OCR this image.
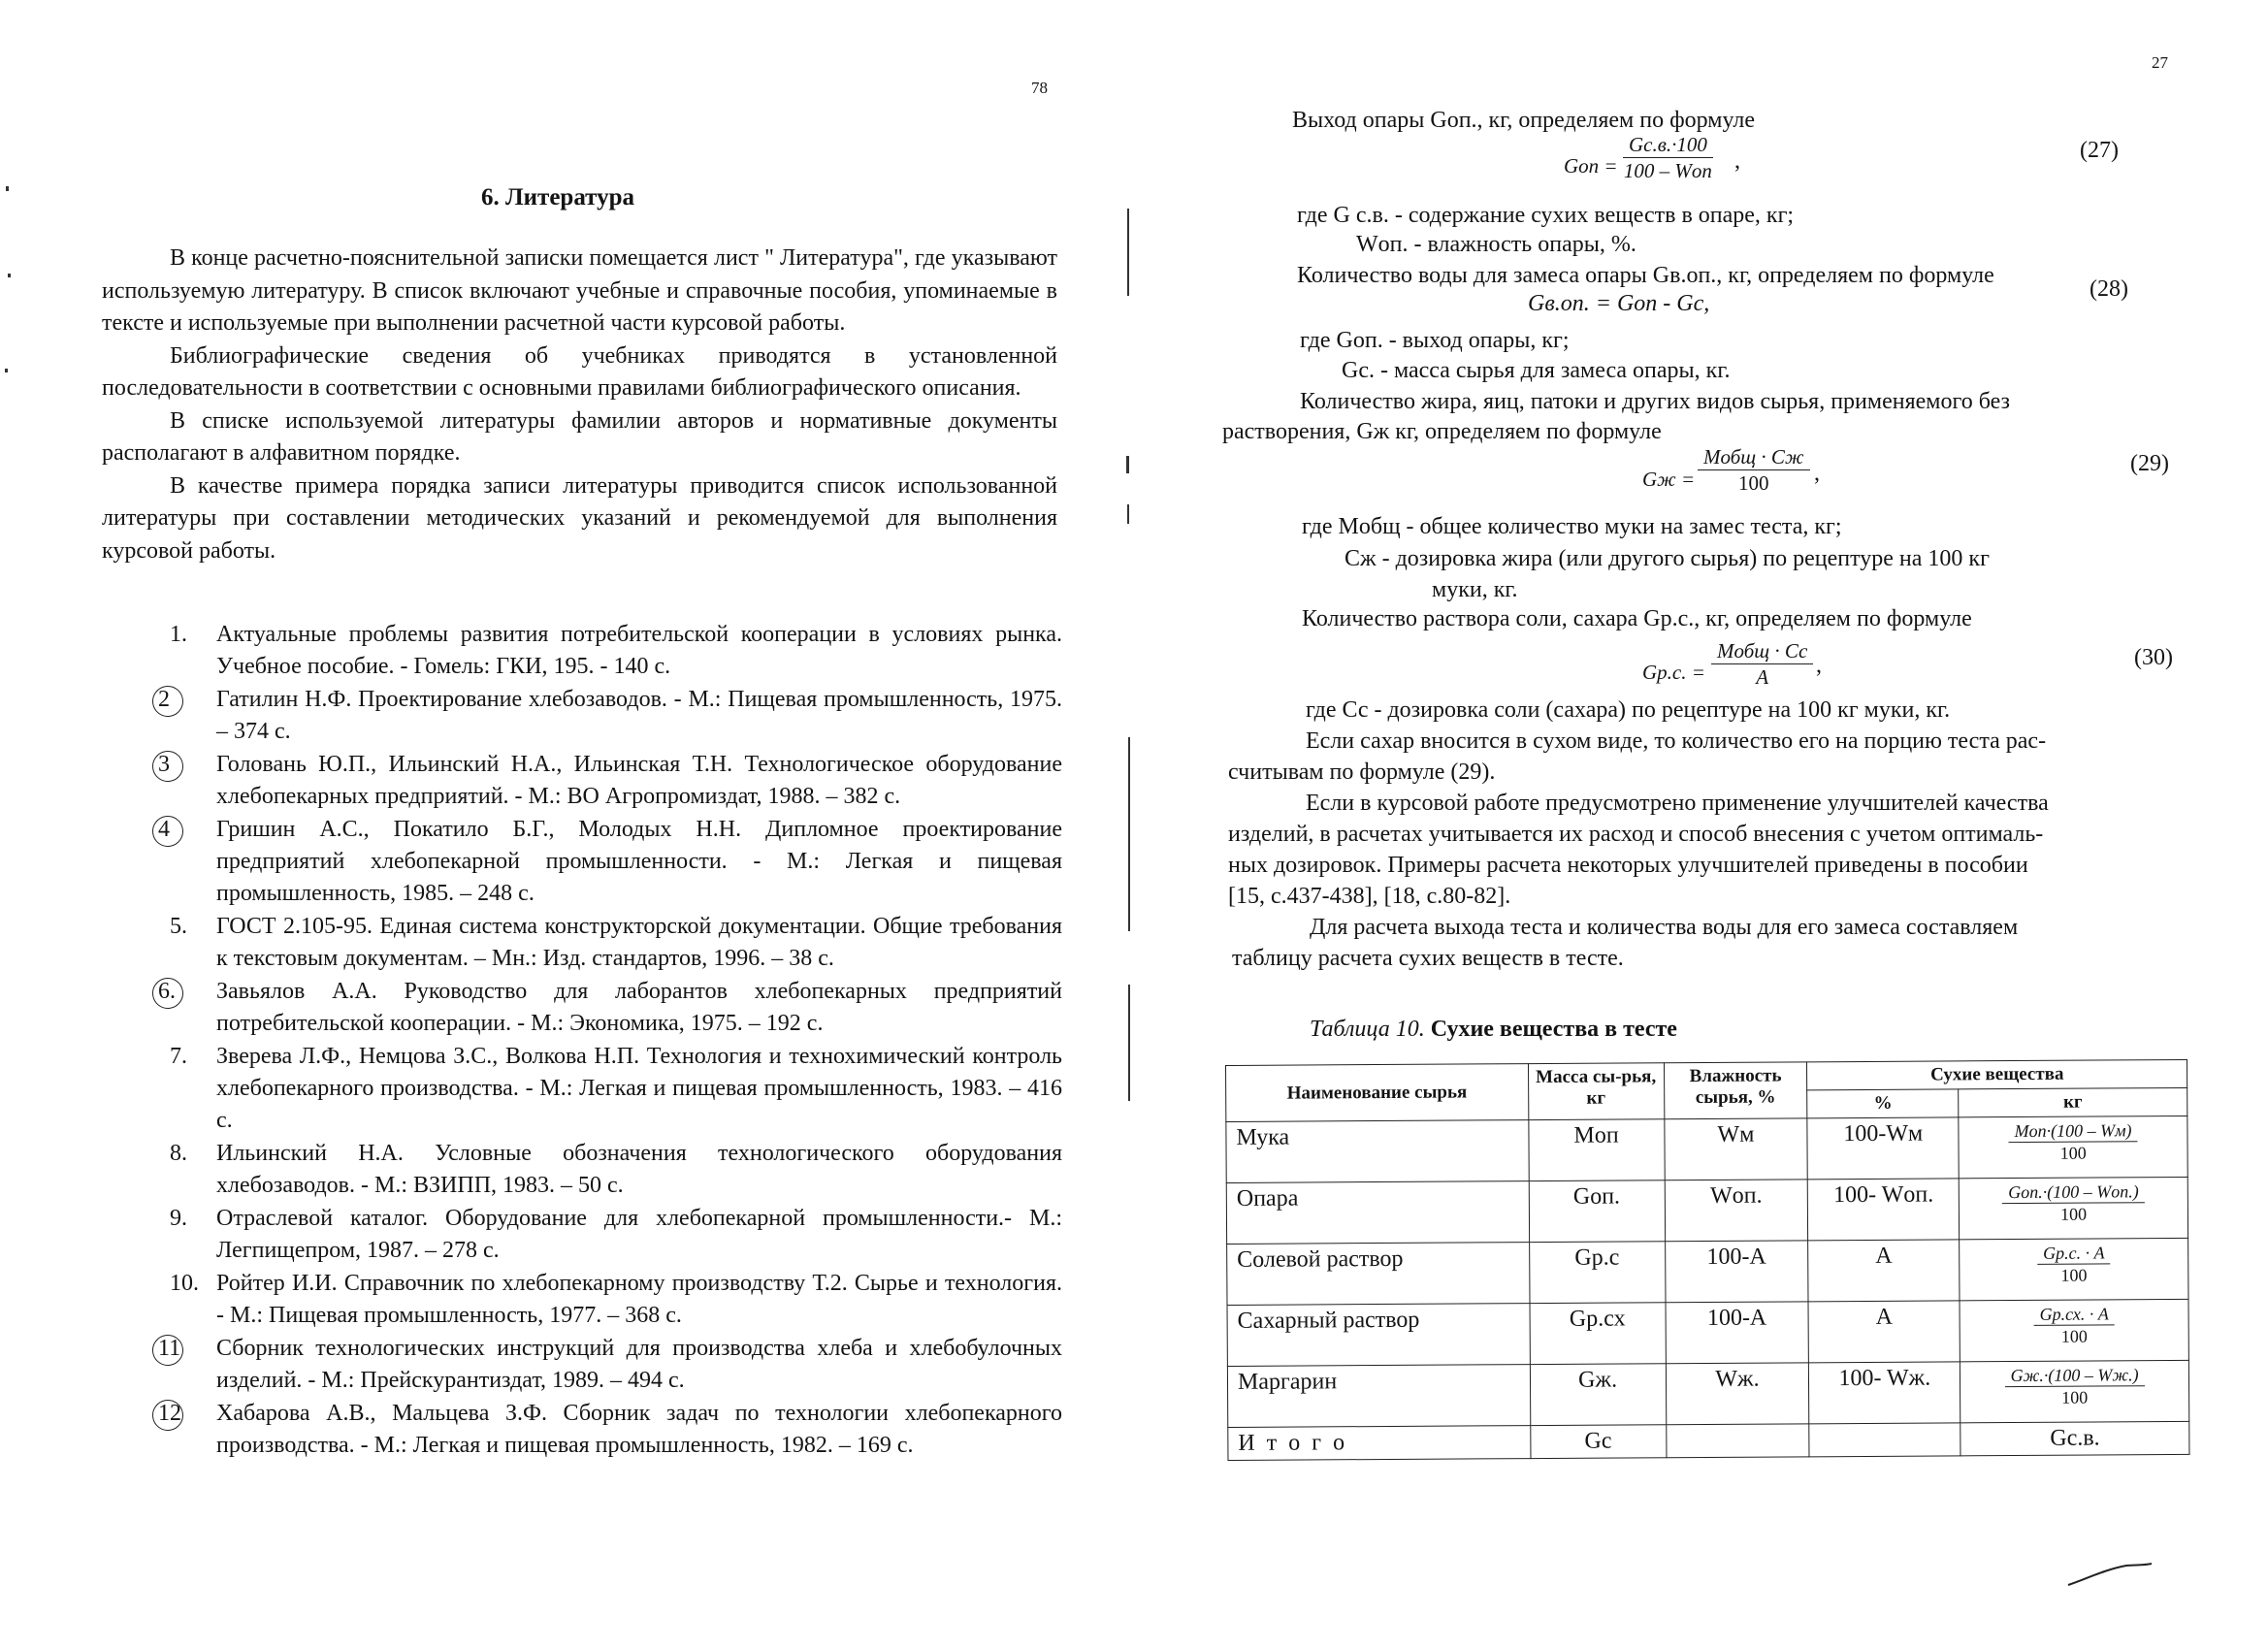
78
6. Литература

В конце расчетно-пояснительной записки помещается лист " Литература", где указывают используемую литературу. В список включают учебные и справочные пособия, упоминаемые в тексте и используемые при выполнении расчетной части курсовой работы.

Библиографические сведения об учебниках приводятся в установленной последовательности в соответствии с основными правилами библиографического описания.

В списке используемой литературы фамилии авторов и нормативные документы располагают в алфавитном порядке.

В качестве примера порядка записи литературы приводится список использованной литературы при составлении методических указаний и рекомендуемой для выполнения курсовой работы.

1.	Актуальные проблемы развития потребительской кооперации в условиях рынка. Учебное пособие. - Гомель: ГКИ, 195. - 140 с.
2	Гатилин Н.Ф. Проектирование хлебозаводов. - М.: Пищевая промышленность, 1975. – 374 с.
3	Головань Ю.П., Ильинский Н.А., Ильинская Т.Н. Технологическое оборудование хлебопекарных предприятий. - М.: ВО Агропромиздат, 1988. – 382 с.
4	Гришин А.С., Покатило Б.Г., Молодых Н.Н. Дипломное проектирование предприятий хлебопекарной промышленности. - М.: Легкая и пищевая промышленность, 1985. – 248 с.
5.	ГОСТ 2.105-95. Единая система конструкторской документации. Общие требования к текстовым документам. – Мн.: Изд. стандартов, 1996. – 38 с.
6.	Завьялов А.А. Руководство для лаборантов хлебопекарных предприятий потребительской кооперации. - М.: Экономика, 1975. – 192 с.
7.	Зверева Л.Ф., Немцова З.С., Волкова Н.П. Технология и технохимический контроль хлебопекарного производства. - М.: Легкая и пищевая промышленность, 1983. – 416 с.
8.	Ильинский Н.А. Условные обозначения технологического оборудования хлебозаводов. - М.: ВЗИПП, 1983. – 50 с.
9.	Отраслевой каталог. Оборудование для хлебопекарной промышленности.- М.: Легпищепром, 1987. – 278 с.
10. Ройтер И.И. Справочник по хлебопекарному производству Т.2. Сырье и технология. - М.: Пищевая промышленность, 1977. – 368 с.
11	Сборник технологических инструкций для производства хлеба и хлебобулочных изделий. - М.: Прейскурантиздат, 1989. – 494 с.
12	Хабарова А.В., Мальцева З.Ф. Сборник задач по технологии хлебопекарного производства. - М.: Легкая и пищевая промышленность, 1982. – 169 с.
27
Выход опары Gоп., кг, определяем по формуле
Gоп =
Gс.в.·100
100 – Wоп ,	(27)
где G с.в. - содержание сухих веществ в опаре, кг;
Wоп. - влажность опары, %.
Количество воды для замеса опары Gв.оп., кг, определяем по формуле
Gв.оп. = Gоп - Gс,
(28)
где Gоп. - выход опары, кг;
Gс. - масса сырья для замеса опары, кг.
Количество жира, яиц, патоки и других видов сырья, применяемого без
растворения, Gж кг, определяем по формуле
Gж =
Mобщ · Сж
100	,	(29)
где Mобщ - общее количество муки на замес теста, кг;
Сж - дозировка жира (или другого сырья) по рецептуре на 100 кг
муки, кг.
Количество раствора соли, сахара Gр.с., кг, определяем по формуле
Gр.с. =
Mобщ · Сс
A	,	(30)
где Сс - дозировка соли (сахара) по рецептуре на 100 кг муки, кг.
Если сахар вносится в сухом виде, то количество его на порцию теста рас-
считывам по формуле (29).
Если в курсовой работе предусмотрено применение улучшителей качества
изделий, в расчетах учитывается их расход и способ внесения с учетом оптималь-
ных дозировок. Примеры расчета некоторых улучшителей приведены в пособии
[15, с.437-438], [18, с.80-82].
Для расчета выхода теста и количества воды для его замеса составляем
таблицу расчета сухих веществ в тесте.
Таблица 10. Сухие вещества в тесте
Наименование сырья	Масса сы-рья, кг	Влажность сырья, %	Сухие вещества	
			%	кг
Мука	Mоп	Wм	100-Wм	Mоп·(100 – Wм)
100

Опара	Gоп.	Wоп.	100- Wоп.	Gоп.·(100 – Wоп.)
100

Солевой раствор	Gр.с	100-A	A	Gр.с. · A
100

Сахарный раствор	Gр.сх	100-A	A	Gр.сх. · A
100

Маргарин	Gж.	Wж.	100- Wж.	Gж.·(100 – Wж.)
100

И т о г о	Gс			Gс.в.
